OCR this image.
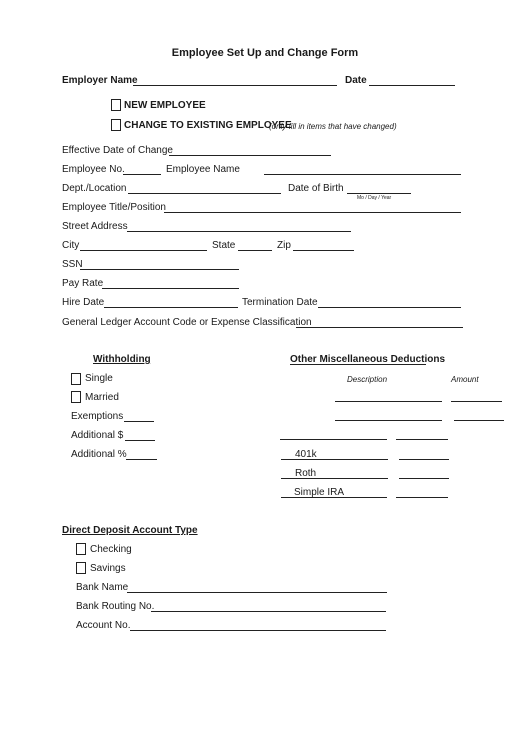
Employee Set Up and Change Form
Employer Name	Date
NEW EMPLOYEE
CHANGE TO EXISTING EMPLOYEE
(only fill in items that have changed)
Effective Date of Change
Employee No.	Employee Name
Dept./Location	Date of Birth
Mo / Day / Year
Employee Title/Position
Street Address
City	State	Zip
SSN
Pay Rate
Hire Date	Termination Date
General Ledger Account Code or Expense Classification
Withholding
Single
Married
Exemptions
Additional $
Additional %
Other Miscellaneous Deductions
Description	Amount
401k
Roth
Simple IRA
Direct Deposit Account Type
Checking
Savings
Bank Name
Bank Routing No.
Account No.
